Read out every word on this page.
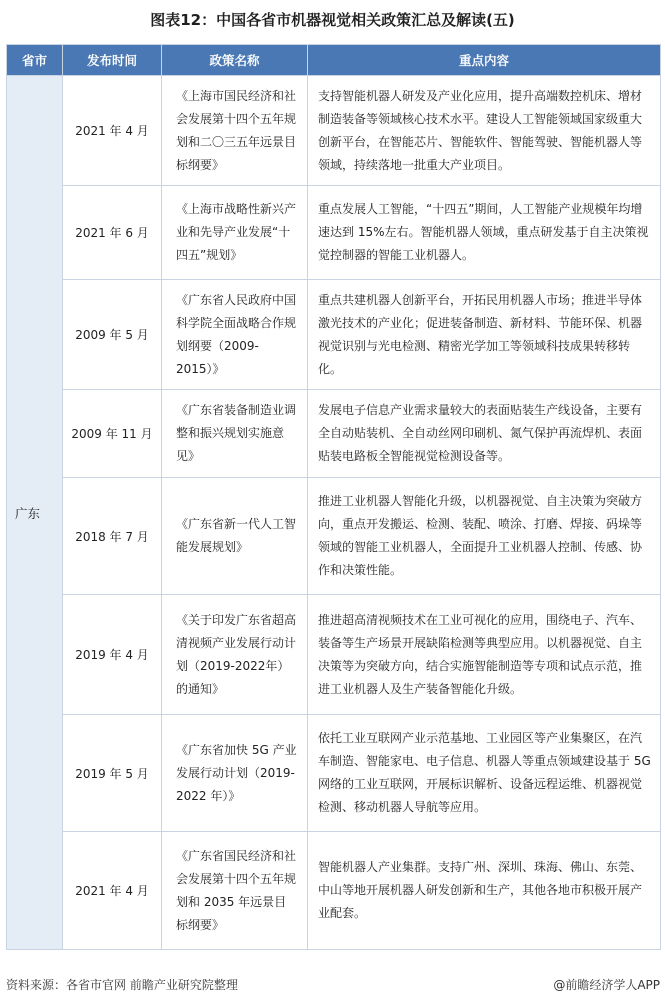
图表12：中国各省市机器视觉相关政策汇总及解读(五)
省市	发布时间	政策名称	重点内容
广东	2021 年 4 月	《上海市国民经济和社会发展第十四个五年规划和二〇三五年远景目标纲要》	支持智能机器人研发及产业化应用，提升高端数控机床、增材制造装备等领域核心技术水平。建设人工智能领域国家级重大创新平台，在智能芯片、智能软件、智能驾驶、智能机器人等领域，持续落地一批重大产业项目。
	2021 年 6 月	《上海市战略性新兴产业和先导产业发展“十四五”规划》	重点发展人工智能，“十四五”期间，人工智能产业规模年均增速达到 15%左右。智能机器人领域，重点研发基于自主决策视觉控制器的智能工业机器人。
	2009 年 5 月	《广东省人民政府中国科学院全面战略合作规划纲要（2009-2015）》	重点共建机器人创新平台，开拓民用机器人市场；推进半导体激光技术的产业化；促进装备制造、新材料、节能环保、机器视觉识别与光电检测、精密光学加工等领域科技成果转移转化。
	2009 年 11 月	《广东省装备制造业调整和振兴规划实施意见》	发展电子信息产业需求量较大的表面贴装生产线设备，主要有全自动贴装机、全自动丝网印刷机、氮气保护再流焊机、表面贴装电路板全智能视觉检测设备等。
	2018 年 7 月	《广东省新一代人工智能发展规划》	推进工业机器人智能化升级，以机器视觉、自主决策为突破方向，重点开发搬运、检测、装配、喷涂、打磨、焊接、码垛等领域的智能工业机器人，全面提升工业机器人控制、传感、协作和决策性能。
	2019 年 4 月	《关于印发广东省超高清视频产业发展行动计划（2019-2022年）的通知》	推进超高清视频技术在工业可视化的应用，围绕电子、汽车、装备等生产场景开展缺陷检测等典型应用。以机器视觉、自主决策等为突破方向，结合实施智能制造等专项和试点示范，推进工业机器人及生产装备智能化升级。
	2019 年 5 月	《广东省加快 5G 产业发展行动计划（2019-2022 年）》	依托工业互联网产业示范基地、工业园区等产业集聚区，在汽车制造、智能家电、电子信息、机器人等重点领域建设基于 5G 网络的工业互联网，开展标识解析、设备远程运维、机器视觉检测、移动机器人导航等应用。
	2021 年 4 月	《广东省国民经济和社会发展第十四个五年规划和 2035 年远景目标纲要》	智能机器人产业集群。支持广州、深圳、珠海、佛山、东莞、中山等地开展机器人研发创新和生产，其他各地市积极开展产业配套。
资料来源：各省市官网 前瞻产业研究院整理	@前瞻经济学人APP
